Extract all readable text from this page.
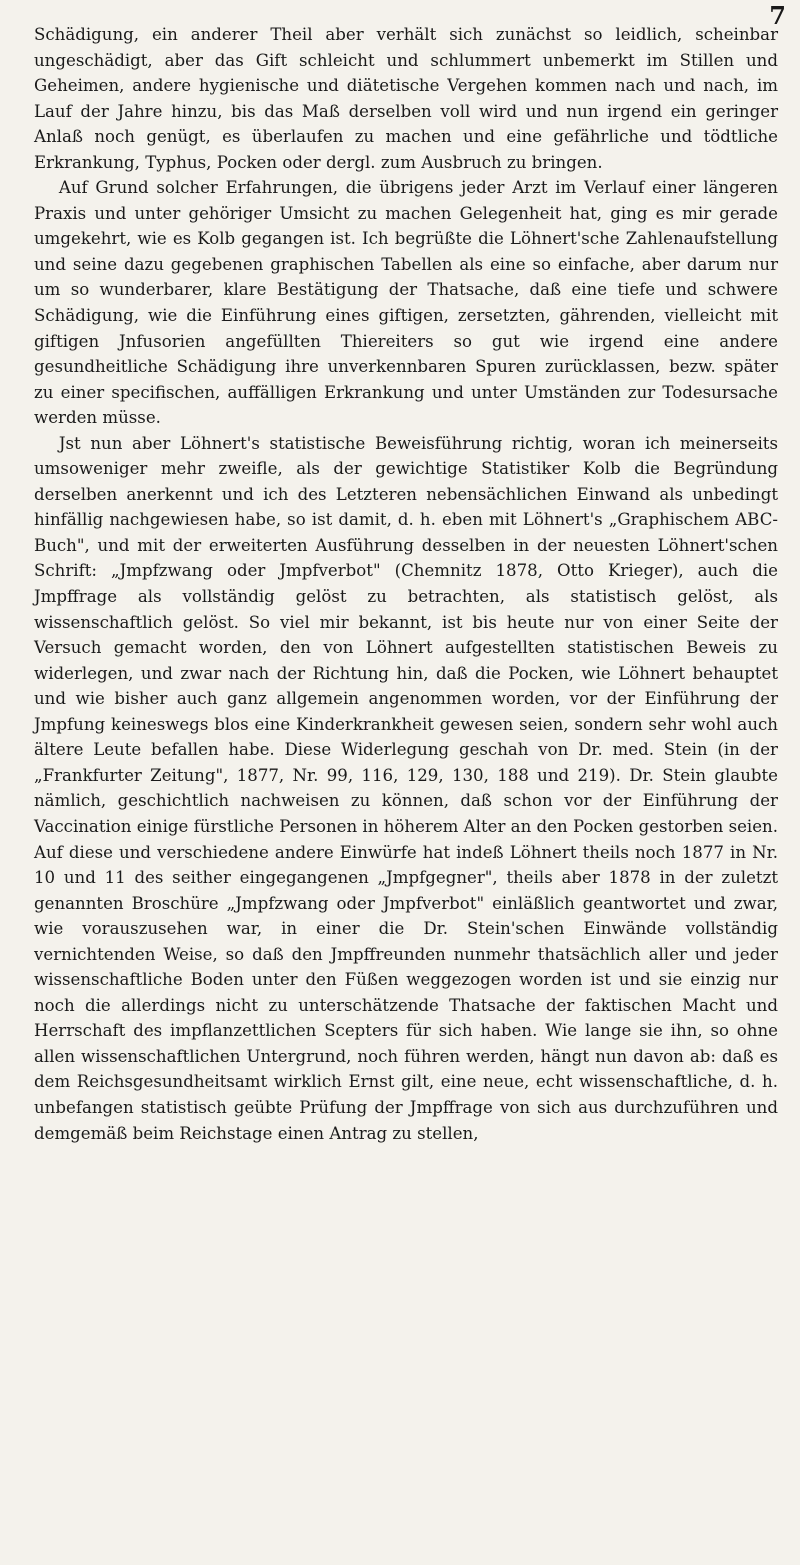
7

Schädigung, ein anderer Theil aber verhält sich zunächst so leidlich, scheinbar ungeschädigt, aber das Gift schleicht und schlummert unbemerkt im Stillen und Geheimen, andere hygienische und diätetische Vergehen kommen nach und nach, im Lauf der Jahre hinzu, bis das Maß derselben voll wird und nun irgend ein geringer Anlaß noch genügt, es überlaufen zu machen und eine gefährliche und tödtliche Erkrankung, Typhus, Pocken oder dergl. zum Ausbruch zu bringen.

Auf Grund solcher Erfahrungen, die übrigens jeder Arzt im Verlauf einer längeren Praxis und unter gehöriger Umsicht zu machen Gelegenheit hat, ging es mir gerade umgekehrt, wie es Kolb gegangen ist. Ich begrüßte die Löhnert'sche Zahlenaufstellung und seine dazu gegebenen graphischen Tabellen als eine so einfache, aber darum nur um so wunderbarer, klare Bestätigung der Thatsache, daß eine tiefe und schwere Schädigung, wie die Einführung eines giftigen, zersetzten, gährenden, vielleicht mit giftigen Jnfusorien angefüllten Thiereiters so gut wie irgend eine andere gesundheitliche Schädigung ihre unverkennbaren Spuren zurücklassen, bezw. später zu einer specifischen, auffälligen Erkrankung und unter Umständen zur Todesursache werden müsse.

Jst nun aber Löhnert's statistische Beweisführung richtig, woran ich meinerseits umsoweniger mehr zweifle, als der gewichtige Statistiker Kolb die Begründung derselben anerkennt und ich des Letzteren nebensächlichen Einwand als unbedingt hinfällig nachgewiesen habe, so ist damit, d. h. eben mit Löhnert's „Graphischem ABC-Buch", und mit der erweiterten Ausführung desselben in der neuesten Löhnert'schen Schrift: „Jmpfzwang oder Jmpfverbot" (Chemnitz 1878, Otto Krieger), auch die Jmpffrage als vollständig gelöst zu betrachten, als statistisch gelöst, als wissenschaftlich gelöst. So viel mir bekannt, ist bis heute nur von einer Seite der Versuch gemacht worden, den von Löhnert aufgestellten statistischen Beweis zu widerlegen, und zwar nach der Richtung hin, daß die Pocken, wie Löhnert behauptet und wie bisher auch ganz allgemein angenommen worden, vor der Einführung der Jmpfung keineswegs blos eine Kinderkrankheit gewesen seien, sondern sehr wohl auch ältere Leute befallen habe. Diese Widerlegung geschah von Dr. med. Stein (in der „Frankfurter Zeitung", 1877, Nr. 99, 116, 129, 130, 188 und 219). Dr. Stein glaubte nämlich, geschichtlich nachweisen zu können, daß schon vor der Einführung der Vaccination einige fürstliche Personen in höherem Alter an den Pocken gestorben seien. Auf diese und verschiedene andere Einwürfe hat indeß Löhnert theils noch 1877 in Nr. 10 und 11 des seither eingegangenen „Jmpfgegner", theils aber 1878 in der zuletzt genannten Broschüre „Jmpfzwang oder Jmpfverbot" einläßlich geantwortet und zwar, wie vorauszusehen war, in einer die Dr. Stein'schen Einwände vollständig vernichtenden Weise, so daß den Jmpffreunden nunmehr thatsächlich aller und jeder wissenschaftliche Boden unter den Füßen weggezogen worden ist und sie einzig nur noch die allerdings nicht zu unterschätzende Thatsache der faktischen Macht und Herrschaft des impflanzettlichen Scepters für sich haben. Wie lange sie ihn, so ohne allen wissenschaftlichen Untergrund, noch führen werden, hängt nun davon ab: daß es dem Reichsgesundheitsamt wirklich Ernst gilt, eine neue, echt wissenschaftliche, d. h. unbefangen statistisch geübte Prüfung der Jmpffrage von sich aus durchzuführen und demgemäß beim Reichstage einen Antrag zu stellen,
